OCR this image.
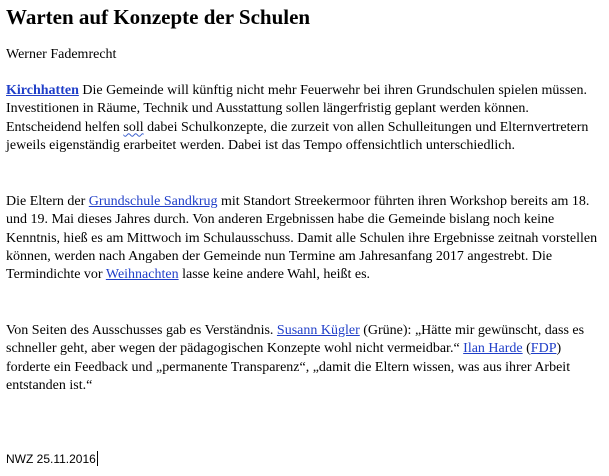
Warten auf Konzepte der Schulen
Werner Fademrecht
Kirchhatten Die Gemeinde will künftig nicht mehr Feuerwehr bei ihren Grundschulen spielen müssen. Investitionen in Räume, Technik und Ausstattung sollen längerfristig geplant werden können. Entscheidend helfen soll dabei Schulkonzepte, die zurzeit von allen Schulleitungen und Elternvertretern jeweils eigenständig erarbeitet werden. Dabei ist das Tempo offensichtlich unterschiedlich.
Die Eltern der Grundschule Sandkrug mit Standort Streekermoor führten ihren Workshop bereits am 18. und 19. Mai dieses Jahres durch. Von anderen Ergebnissen habe die Gemeinde bislang noch keine Kenntnis, hieß es am Mittwoch im Schulausschuss. Damit alle Schulen ihre Ergebnisse zeitnah vorstellen können, werden nach Angaben der Gemeinde nun Termine am Jahresanfang 2017 angestrebt. Die Termindichte vor Weihnachten lasse keine andere Wahl, heißt es.
Von Seiten des Ausschusses gab es Verständnis. Susann Kügler (Grüne): „Hätte mir gewünscht, dass es schneller geht, aber wegen der pädagogischen Konzepte wohl nicht vermeidbar.“ Ilan Harde (FDP) forderte ein Feedback und „permanente Transparenz“, „damit die Eltern wissen, was aus ihrer Arbeit entstanden ist.“
NWZ 25.11.2016
